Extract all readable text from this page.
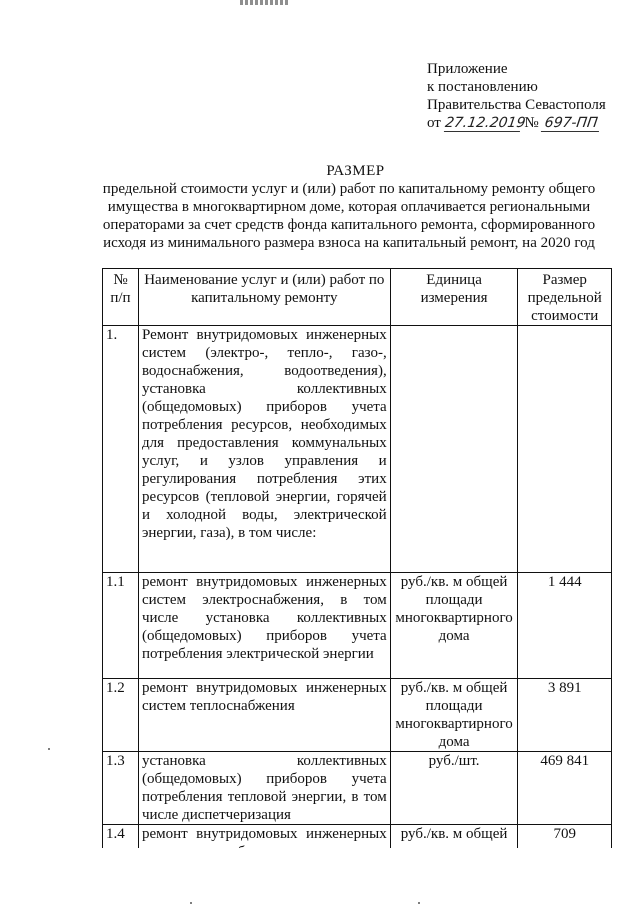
Приложение
к постановлению
Правительства Севастополя
от 27.12.2019 № 697-ПП
РАЗМЕР
предельной стоимости услуг и (или) работ по капитальному ремонту общего имущества в многоквартирном доме, которая оплачивается региональными операторами за счет средств фонда капитального ремонта, сформированного исходя из минимального размера взноса на капитальный ремонт, на 2020 год
№ п/п	Наименование услуг и (или) работ по капитальному ремонту	Единица измерения	Размер предельной стоимости
1.	Ремонт внутридомовых инженерных систем (электро-, тепло-, газо-, водоснабжения, водоотведения), установка коллективных (общедомовых) приборов учета потребления ресурсов, необходимых для предоставления коммунальных услуг, и узлов управления и регулирования потребления этих ресурсов (тепловой энергии, горячей и холодной воды, электрической энергии, газа), в том числе:		
1.1	ремонт внутридомовых инженерных систем электроснабжения, в том числе установка коллективных (общедомовых) приборов учета потребления электрической энергии	руб./кв. м общей площади многоквартирного дома	1 444
1.2	ремонт внутридомовых инженерных систем теплоснабжения	руб./кв. м общей площади многоквартирного дома	3 891
1.3	установка коллективных (общедомовых) приборов учета потребления тепловой энергии, в том числе диспетчеризация	руб./шт.	469 841
1.4	ремонт внутридомовых инженерных	руб./кв. м общей	709
